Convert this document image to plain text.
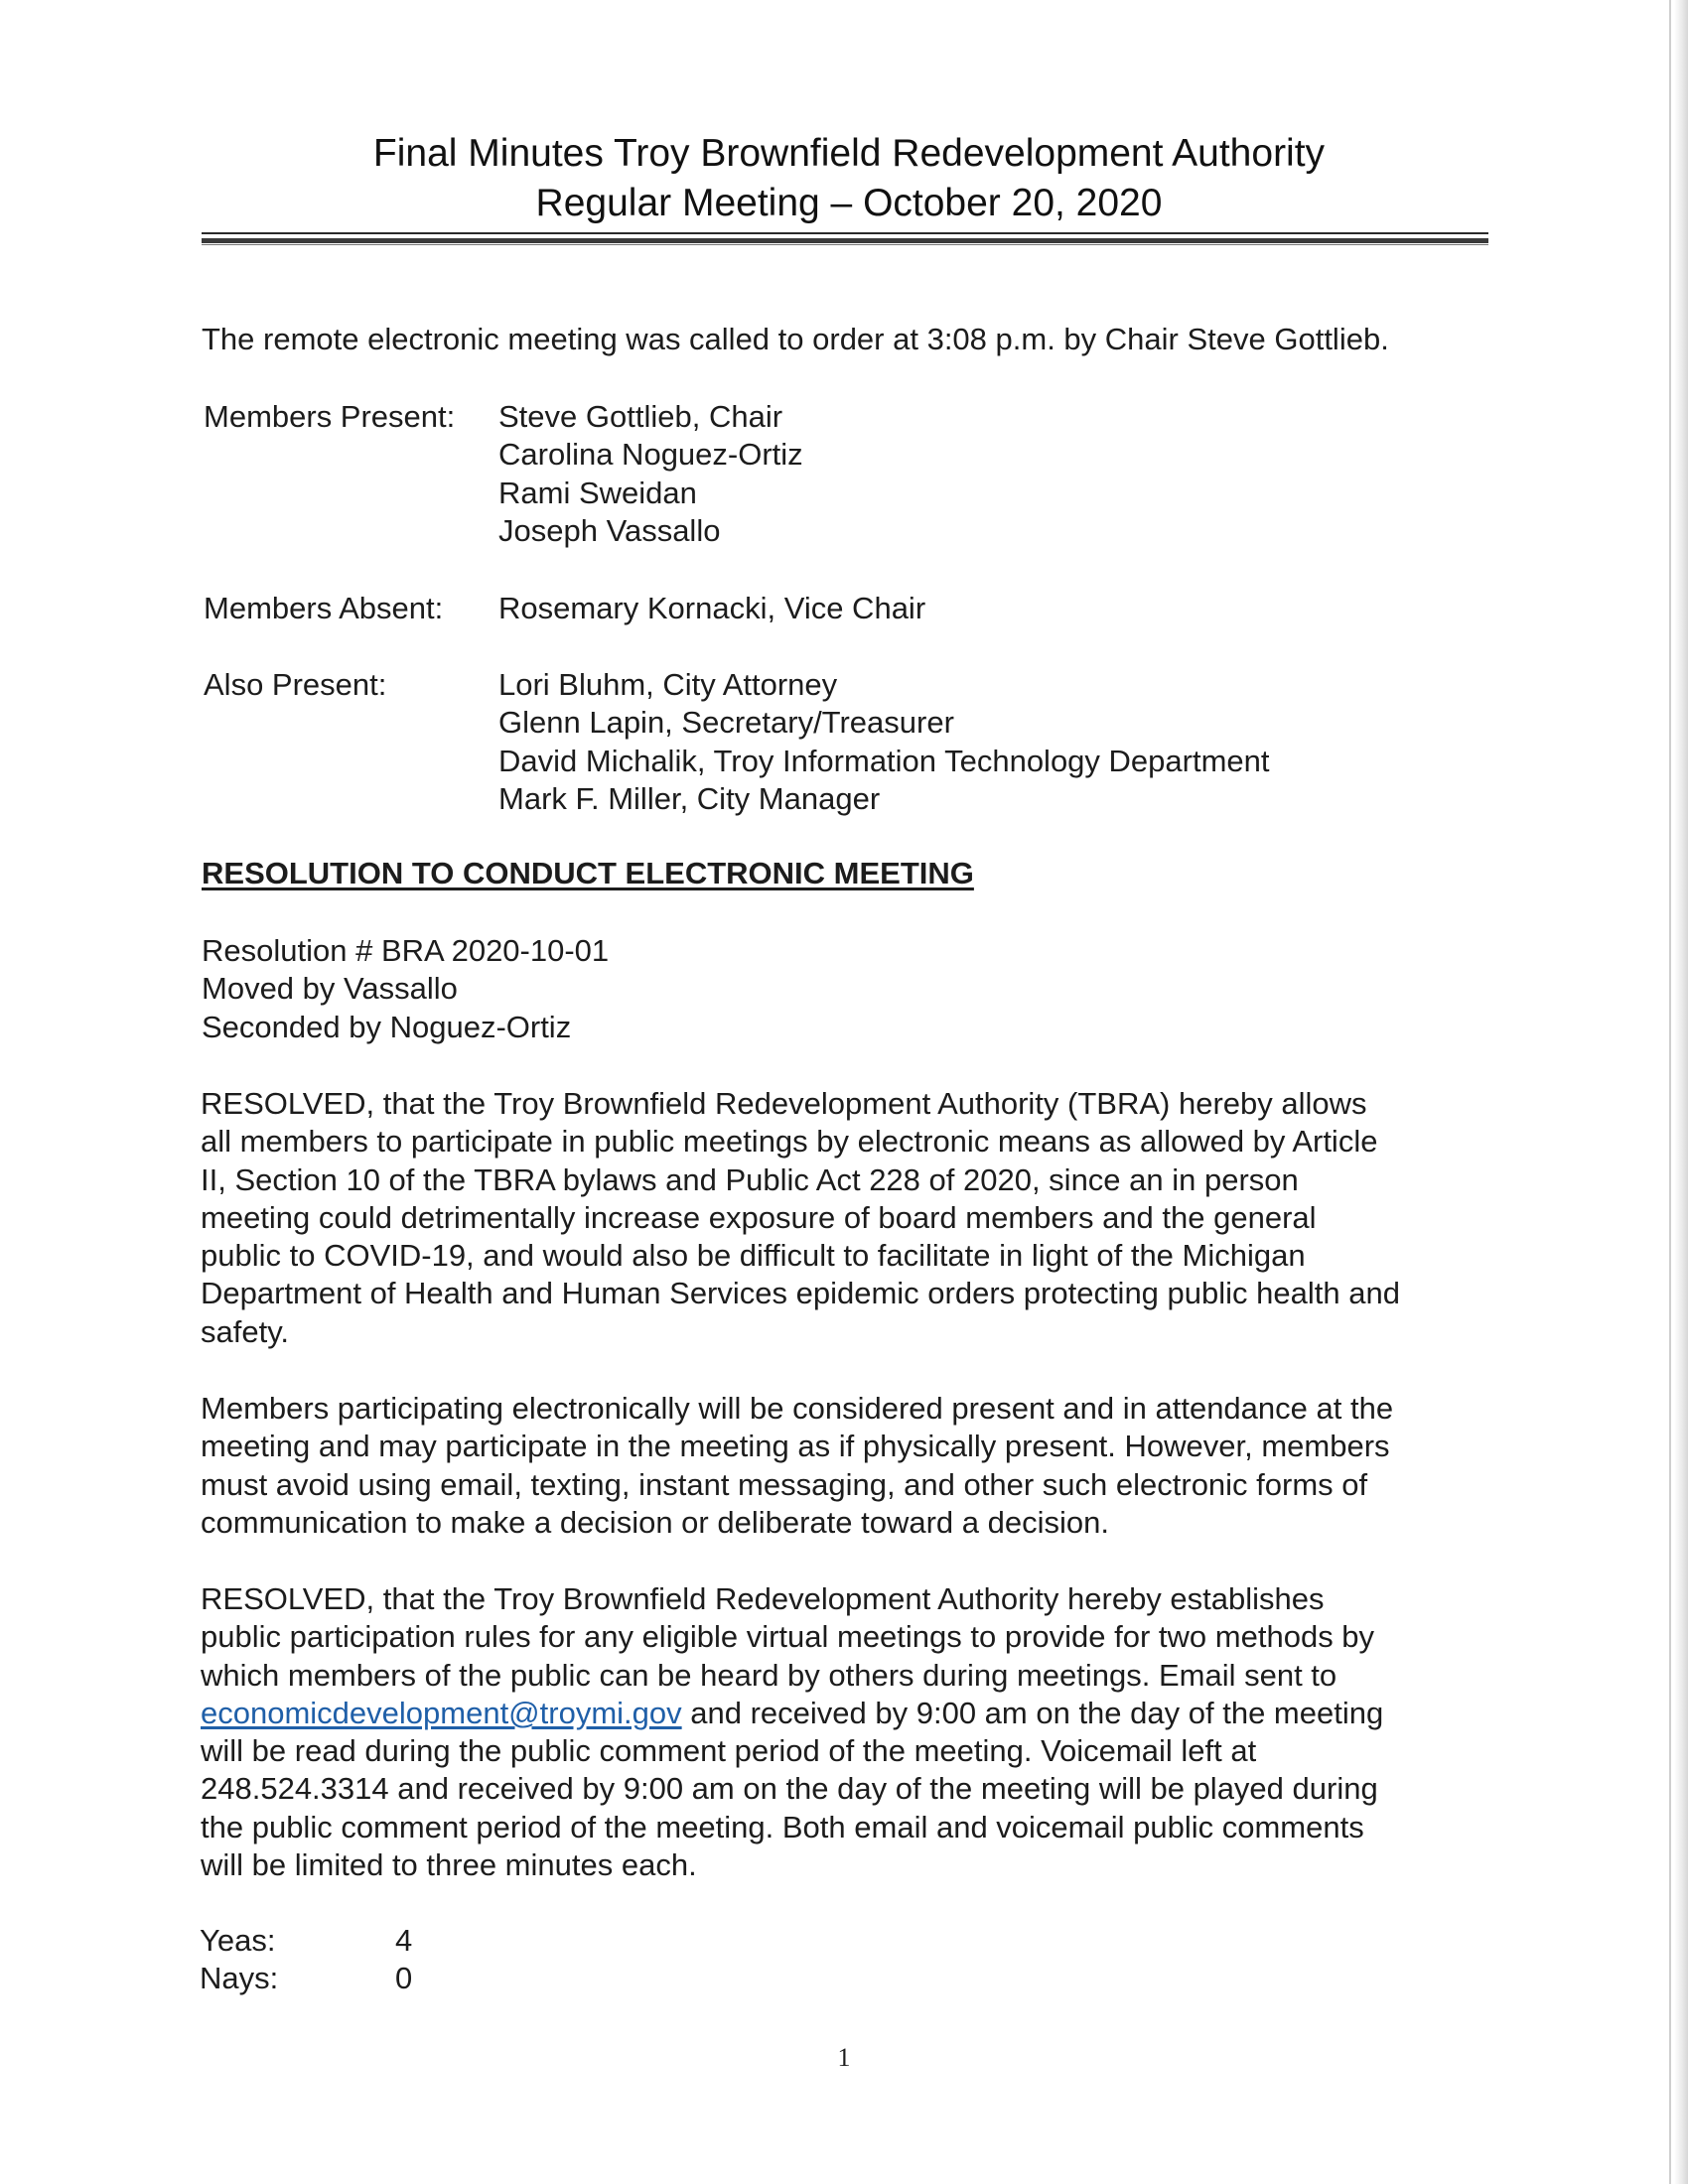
Final Minutes Troy Brownfield Redevelopment Authority
Regular Meeting – October 20, 2020
The remote electronic meeting was called to order at 3:08 p.m. by Chair Steve Gottlieb.
Members Present: Steve Gottlieb, Chair
Carolina Noguez-Ortiz
Rami Sweidan
Joseph Vassallo
Members Absent: Rosemary Kornacki, Vice Chair
Also Present:	Lori Bluhm, City Attorney
Glenn Lapin, Secretary/Treasurer
David Michalik, Troy Information Technology Department
Mark F. Miller, City Manager
RESOLUTION TO CONDUCT ELECTRONIC MEETING
Resolution # BRA 2020-10-01
Moved by Vassallo
Seconded by Noguez-Ortiz
RESOLVED, that the Troy Brownfield Redevelopment Authority (TBRA) hereby allows
all members to participate in public meetings by electronic means as allowed by Article
II, Section 10 of the TBRA bylaws and Public Act 228 of 2020, since an in person
meeting could detrimentally increase exposure of board members and the general
public to COVID-19, and would also be difficult to facilitate in light of the Michigan
Department of Health and Human Services epidemic orders protecting public health and
safety.
Members participating electronically will be considered present and in attendance at the
meeting and may participate in the meeting as if physically present. However, members
must avoid using email, texting, instant messaging, and other such electronic forms of
communication to make a decision or deliberate toward a decision.
RESOLVED, that the Troy Brownfield Redevelopment Authority hereby establishes
public participation rules for any eligible virtual meetings to provide for two methods by
which members of the public can be heard by others during meetings. Email sent to
economicdevelopment@troymi.gov and received by 9:00 am on the day of the meeting
will be read during the public comment period of the meeting. Voicemail left at
248.524.3314 and received by 9:00 am on the day of the meeting will be played during
the public comment period of the meeting. Both email and voicemail public comments
will be limited to three minutes each.
Yeas:	4
Nays:	0
1
